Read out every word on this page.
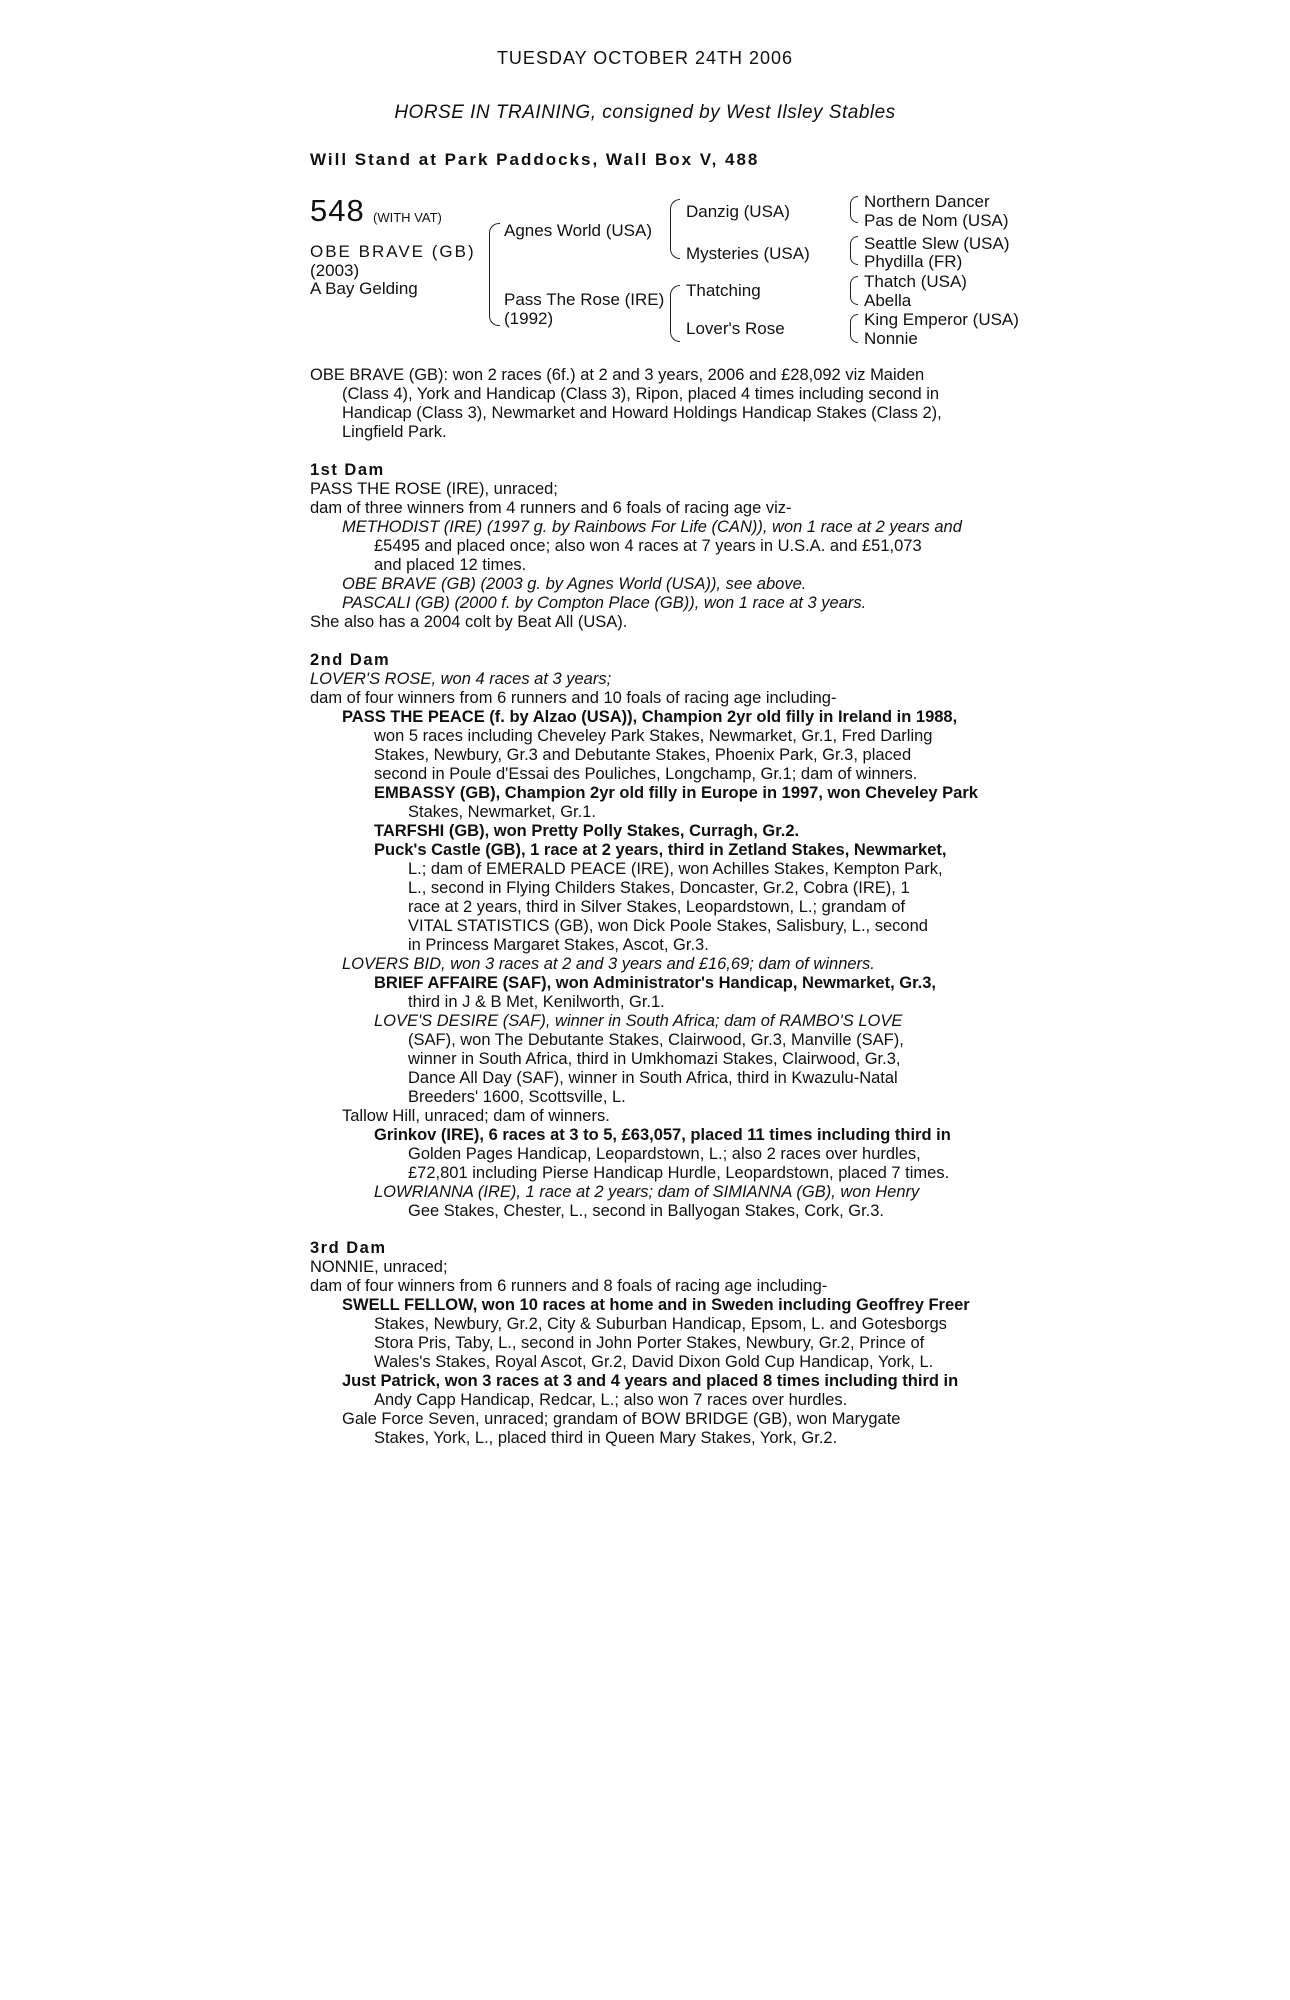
TUESDAY OCTOBER 24TH 2006
HORSE IN TRAINING, consigned by West Ilsley Stables
Will Stand at Park Paddocks, Wall Box V, 488
548 (WITH VAT)
OBE BRAVE (GB)
(2003)
A Bay Gelding
Agnes World (USA)
Pass The Rose (IRE)
(1992)
Danzig (USA)
Mysteries (USA)
Thatching
Lover's Rose
Northern Dancer
Pas de Nom (USA)
Seattle Slew (USA)
Phydilla (FR)
Thatch (USA)
Abella
King Emperor (USA)
Nonnie
OBE BRAVE (GB): won 2 races (6f.) at 2 and 3 years, 2006 and £28,092 viz Maiden
(Class 4), York and Handicap (Class 3), Ripon, placed 4 times including second in
Handicap (Class 3), Newmarket and Howard Holdings Handicap Stakes (Class 2),
Lingfield Park.
1st Dam
PASS THE ROSE (IRE), unraced;
dam of three winners from 4 runners and 6 foals of racing age viz-
METHODIST (IRE) (1997 g. by Rainbows For Life (CAN)), won 1 race at 2 years and
£5495 and placed once; also won 4 races at 7 years in U.S.A. and £51,073
and placed 12 times.
OBE BRAVE (GB) (2003 g. by Agnes World (USA)), see above.
PASCALI (GB) (2000 f. by Compton Place (GB)), won 1 race at 3 years.
She also has a 2004 colt by Beat All (USA).
2nd Dam
LOVER'S ROSE, won 4 races at 3 years;
dam of four winners from 6 runners and 10 foals of racing age including-
PASS THE PEACE (f. by Alzao (USA)), Champion 2yr old filly in Ireland in 1988,
won 5 races including Cheveley Park Stakes, Newmarket, Gr.1, Fred Darling
Stakes, Newbury, Gr.3 and Debutante Stakes, Phoenix Park, Gr.3, placed
second in Poule d'Essai des Pouliches, Longchamp, Gr.1; dam of winners.
EMBASSY (GB), Champion 2yr old filly in Europe in 1997, won Cheveley Park
Stakes, Newmarket, Gr.1.
TARFSHI (GB), won Pretty Polly Stakes, Curragh, Gr.2.
Puck's Castle (GB), 1 race at 2 years, third in Zetland Stakes, Newmarket,
L.; dam of EMERALD PEACE (IRE), won Achilles Stakes, Kempton Park,
L., second in Flying Childers Stakes, Doncaster, Gr.2, Cobra (IRE), 1
race at 2 years, third in Silver Stakes, Leopardstown, L.; grandam of
VITAL STATISTICS (GB), won Dick Poole Stakes, Salisbury, L., second
in Princess Margaret Stakes, Ascot, Gr.3.
LOVERS BID, won 3 races at 2 and 3 years and £16,69; dam of winners.
BRIEF AFFAIRE (SAF), won Administrator's Handicap, Newmarket, Gr.3,
third in J & B Met, Kenilworth, Gr.1.
LOVE'S DESIRE (SAF), winner in South Africa; dam of RAMBO'S LOVE
(SAF), won The Debutante Stakes, Clairwood, Gr.3, Manville (SAF),
winner in South Africa, third in Umkhomazi Stakes, Clairwood, Gr.3,
Dance All Day (SAF), winner in South Africa, third in Kwazulu-Natal
Breeders' 1600, Scottsville, L.
Tallow Hill, unraced; dam of winners.
Grinkov (IRE), 6 races at 3 to 5, £63,057, placed 11 times including third in
Golden Pages Handicap, Leopardstown, L.; also 2 races over hurdles,
£72,801 including Pierse Handicap Hurdle, Leopardstown, placed 7 times.
LOWRIANNA (IRE), 1 race at 2 years; dam of SIMIANNA (GB), won Henry
Gee Stakes, Chester, L., second in Ballyogan Stakes, Cork, Gr.3.
3rd Dam
NONNIE, unraced;
dam of four winners from 6 runners and 8 foals of racing age including-
SWELL FELLOW, won 10 races at home and in Sweden including Geoffrey Freer
Stakes, Newbury, Gr.2, City & Suburban Handicap, Epsom, L. and Gotesborgs
Stora Pris, Taby, L., second in John Porter Stakes, Newbury, Gr.2, Prince of
Wales's Stakes, Royal Ascot, Gr.2, David Dixon Gold Cup Handicap, York, L.
Just Patrick, won 3 races at 3 and 4 years and placed 8 times including third in
Andy Capp Handicap, Redcar, L.; also won 7 races over hurdles.
Gale Force Seven, unraced; grandam of BOW BRIDGE (GB), won Marygate
Stakes, York, L., placed third in Queen Mary Stakes, York, Gr.2.
